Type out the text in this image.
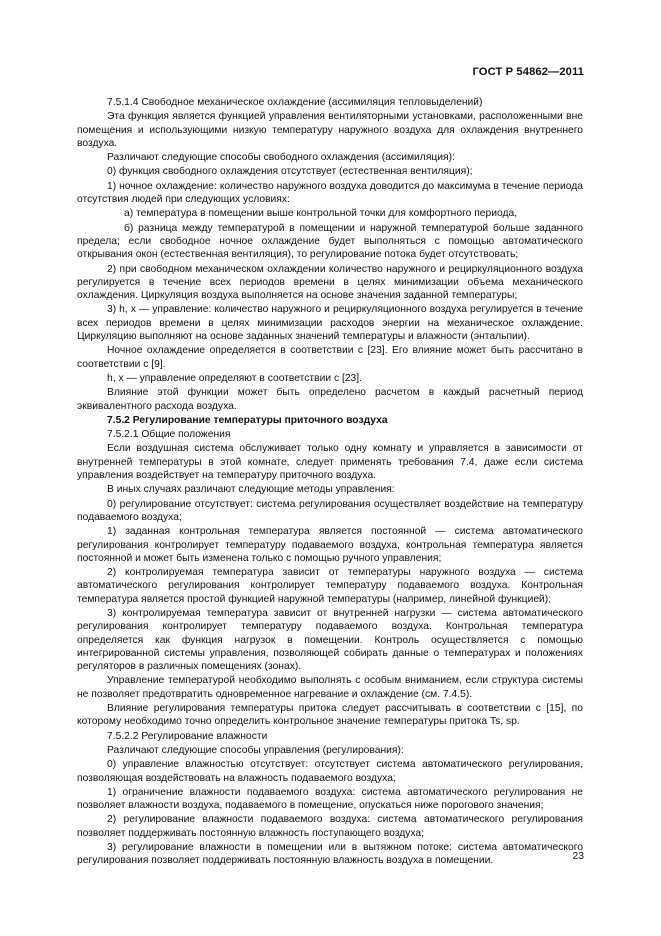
ГОСТ Р 54862—2011

7.5.1.4 Свободное механическое охлаждение (ассимиляция тепловыделений)

Эта функция является функцией управления вентиляторными установками, расположенными вне помещения и использующими низкую температуру наружного воздуха для охлаждения внутреннего воздуха.

Различают следующие способы свободного охлаждения (ассимиляция):

0) функция свободного охлаждения отсутствует (естественная вентиляция);

1) ночное охлаждение: количество наружного воздуха доводится до максимума в течение периода отсутствия людей при следующих условиях:

а) температура в помещении выше контрольной точки для комфортного периода,

б) разница между температурой в помещении и наружной температурой больше заданного предела; если свободное ночное охлаждение будет выполняться с помощью автоматического открывания окон (естественная вентиляция), то регулирование потока будет отсутствовать;

2) при свободном механическом охлаждении количество наружного и рециркуляционного воздуха регулируется в течение всех периодов времени в целях минимизации объема механического охлаждения. Циркуляция воздуха выполняется на основе значения заданной температуры;

3) h, x — управление: количество наружного и рециркуляционного воздуха регулируется в течение всех периодов времени в целях минимизации расходов энергии на механическое охлаждение. Циркуляцию выполняют на основе заданных значений температуры и влажности (энтальпии).

Ночное охлаждение определяется в соответствии с [23]. Его влияние может быть рассчитано в соответствии с [9].

h, x — управление определяют в соответствии с [23].

Влияние этой функции может быть определено расчетом в каждый расчетный период эквивалентного расхода воздуха.

7.5.2 Регулирование температуры приточного воздуха

7.5.2.1 Общие положения

Если воздушная система обслуживает только одну комнату и управляется в зависимости от внутренней температуры в этой комнате, следует применять требования 7.4, даже если система управления воздействует на температуру приточного воздуха.

В иных случаях различают следующие методы управления:

0) регулирование отсутствует: система регулирования осуществляет воздействие на температуру подаваемого воздуха;

1) заданная контрольная температура является постоянной — система автоматического регулирования контролирует температуру подаваемого воздуха, контрольная температура является постоянной и может быть изменена только с помощью ручного управления;

2) контролируемая температура зависит от температуры наружного воздуха — система автоматического регулирования контролирует температуру подаваемого воздуха. Контрольная температура является простой функцией наружной температуры (например, линейной функцией);

3) контролируемая температура зависит от внутренней нагрузки — система автоматического регулирования контролирует температуру подаваемого воздуха. Контрольная температура определяется как функция нагрузок в помещении. Контроль осуществляется с помощью интегрированной системы управления, позволяющей собирать данные о температурах и положениях регуляторов в различных помещениях (зонах).

Управление температурой необходимо выполнять с особым вниманием, если структура системы не позволяет предотвратить одновременное нагревание и охлаждение (см. 7.4.5).

Влияние регулирования температуры притока следует рассчитывать в соответствии с [15], по которому необходимо точно определить контрольное значение температуры притока Ts, sp.

7.5.2.2 Регулирование влажности

Различают следующие способы управления (регулирования):

0) управление влажностью отсутствует: отсутствует система автоматического регулирования, позволяющая воздействовать на влажность подаваемого воздуха;

1) ограничение влажности подаваемого воздуха: система автоматического регулирования не позволяет влажности воздуха, подаваемого в помещение, опускаться ниже порогового значения;

2) регулирование влажности подаваемого воздуха: система автоматического регулирования позволяет поддерживать постоянную влажность поступающего воздуха;

3) регулирование влажности в помещении или в вытяжном потоке: система автоматического регулирования позволяет поддерживать постоянную влажность воздуха в помещении.	23
